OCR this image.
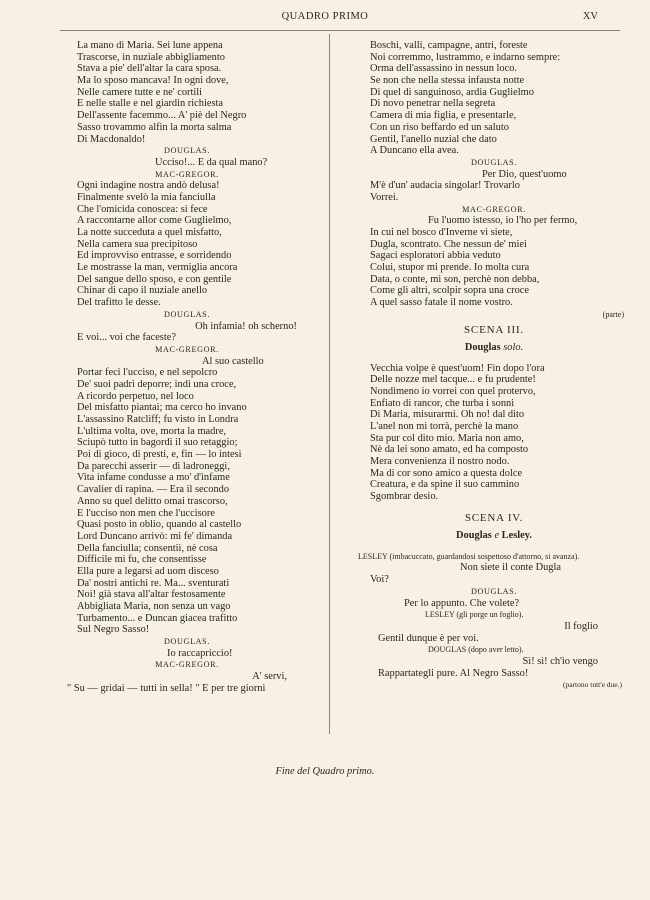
QUADRO PRIMO	XV
La mano di Maria. Sei lune appena
Trascorse, in nuziale abbigliamento
Stava a pie' dell'altar la cara sposa.
Ma lo sposo mancava! In ogni dove,
Nelle camere tutte e ne' cortili
E nelle stalle e nel giardin richiesta
Dell'assente facemmo... A' piè del Negro
Sasso trovammo alfin la morta salma
Di Macdonaldo!
DOUGLAS.
Ucciso!... E da qual mano?
MAC-GREGOR.
Ogni indagine nostra andò delusa!
Finalmente svelò la mia fanciulla
Che l'omicida conoscea: si fece
A raccontarne allor come Guglielmo,
La notte succeduta a quel misfatto,
Nella camera sua precipitoso
Ed improvviso entrasse, e sorridendo
Le mostrasse la man, vermiglia ancora
Del sangue dello sposo, e con gentile
Chinar di capo il nuziale anello
Del trafitto le desse.
DOUGLAS.
Oh infamia! oh scherno!
E voi... voi che faceste?
MAC-GREGOR.
Al suo castello
Portar feci l'ucciso, e nel sepolcro
De' suoi padri deporre; indi una croce,
A ricordo perpetuo, nel loco
Del misfatto piantai; ma cerco ho invano
L'assassino Ratcliff; fu visto in Londra
L'ultima volta, ove, morta la madre,
Sciupò tutto in bagordi il suo retaggio;
Poi di gioco, di presti, e, fin — lo intesi
Da parecchi asserir — di ladroneggi,
Vita infame condusse a mo' d'infame
Cavalier di rapina. — Era il secondo
Anno su quel delitto omai trascorso,
E l'ucciso non men che l'uccisore
Quasi posto in oblio, quando al castello
Lord Duncano arrivò: mi fe' dimanda
Della fanciulla; consentii, nè cosa
Difficile mi fu, che consentisse
Ella pure a legarsi ad uom disceso
Da' nostri antichi re. Ma... sventurati
Noi! già stava all'altar festosamente
Abbigliata Maria, non senza un vago
Turbamento... e Duncan giacea trafitto
Sul Negro Sasso!
DOUGLAS.
Io raccapriccio!
MAC-GREGOR.
A' servi,
" Su — gridai — tutti in sella! " E per tre giorni
Boschi, valli, campagne, antri, foreste
Noi corremmo, lustrammo, e indarno sempre:
Orma dell'assassino in nessun loco.
Se non che nella stessa infausta notte
Di quel di sanguinoso, ardia Guglielmo
Di novo penetrar nella segreta
Camera di mia figlia, e presentarle,
Con un riso beffardo ed un saluto
Gentil, l'anello nuzial che dato
A Duncano ella avea.
DOUGLAS.
Per Dio, quest'uomo
M'è d'un' audacia singolar! Trovarlo
Vorrei.
MAC-GREGOR.
Fu l'uomo istesso, io l'ho per fermo,
In cui nel bosco d'Inverne vi siete,
Dugla, scontrato. Che nessun de' miei
Sagaci esploratori abbia veduto
Colui, stupor mi prende. Io molta cura
Data, o conte, mi son, perchè non debba,
Come gli altri, scolpir sopra una croce
A quel sasso fatale il nome vostro.
(parte)
SCENA III.
Douglas solo.
Vecchia volpe è quest'uom! Fin dopo l'ora
Delle nozze mel tacque... e fu prudente!
Nondimeno io vorrei con quel protervo,
Enfiato di rancor, che turba i sonni
Di Maria, misurarmi. Oh no! dal dito
L'anel non mi torrà, perchè la mano
Sta pur col dito mio. Maria non amo,
Nè da lei sono amato, ed ha composto
Mera convenienza il nostro nodo.
Ma di cor sono amico a questa dolce
Creatura, e da spine il suo cammino
Sgombrar desio.
SCENA IV.
Douglas e Lesley.
LESLEY (imbacuccato, guardandosi sospettoso d'attorno, si avanza).
Non siete il conte Dugla
Voi?
DOUGLAS.
Per lo appunto. Che volete?
LESLEY (gli porge un foglio).
Il foglio
Gentil dunque è per voi.
DOUGLAS (dopo aver letto).
Sì! sì! ch'io vengo
Rappartategli pure. Al Negro Sasso!
(partono tutt'e due.)
Fine del Quadro primo.
